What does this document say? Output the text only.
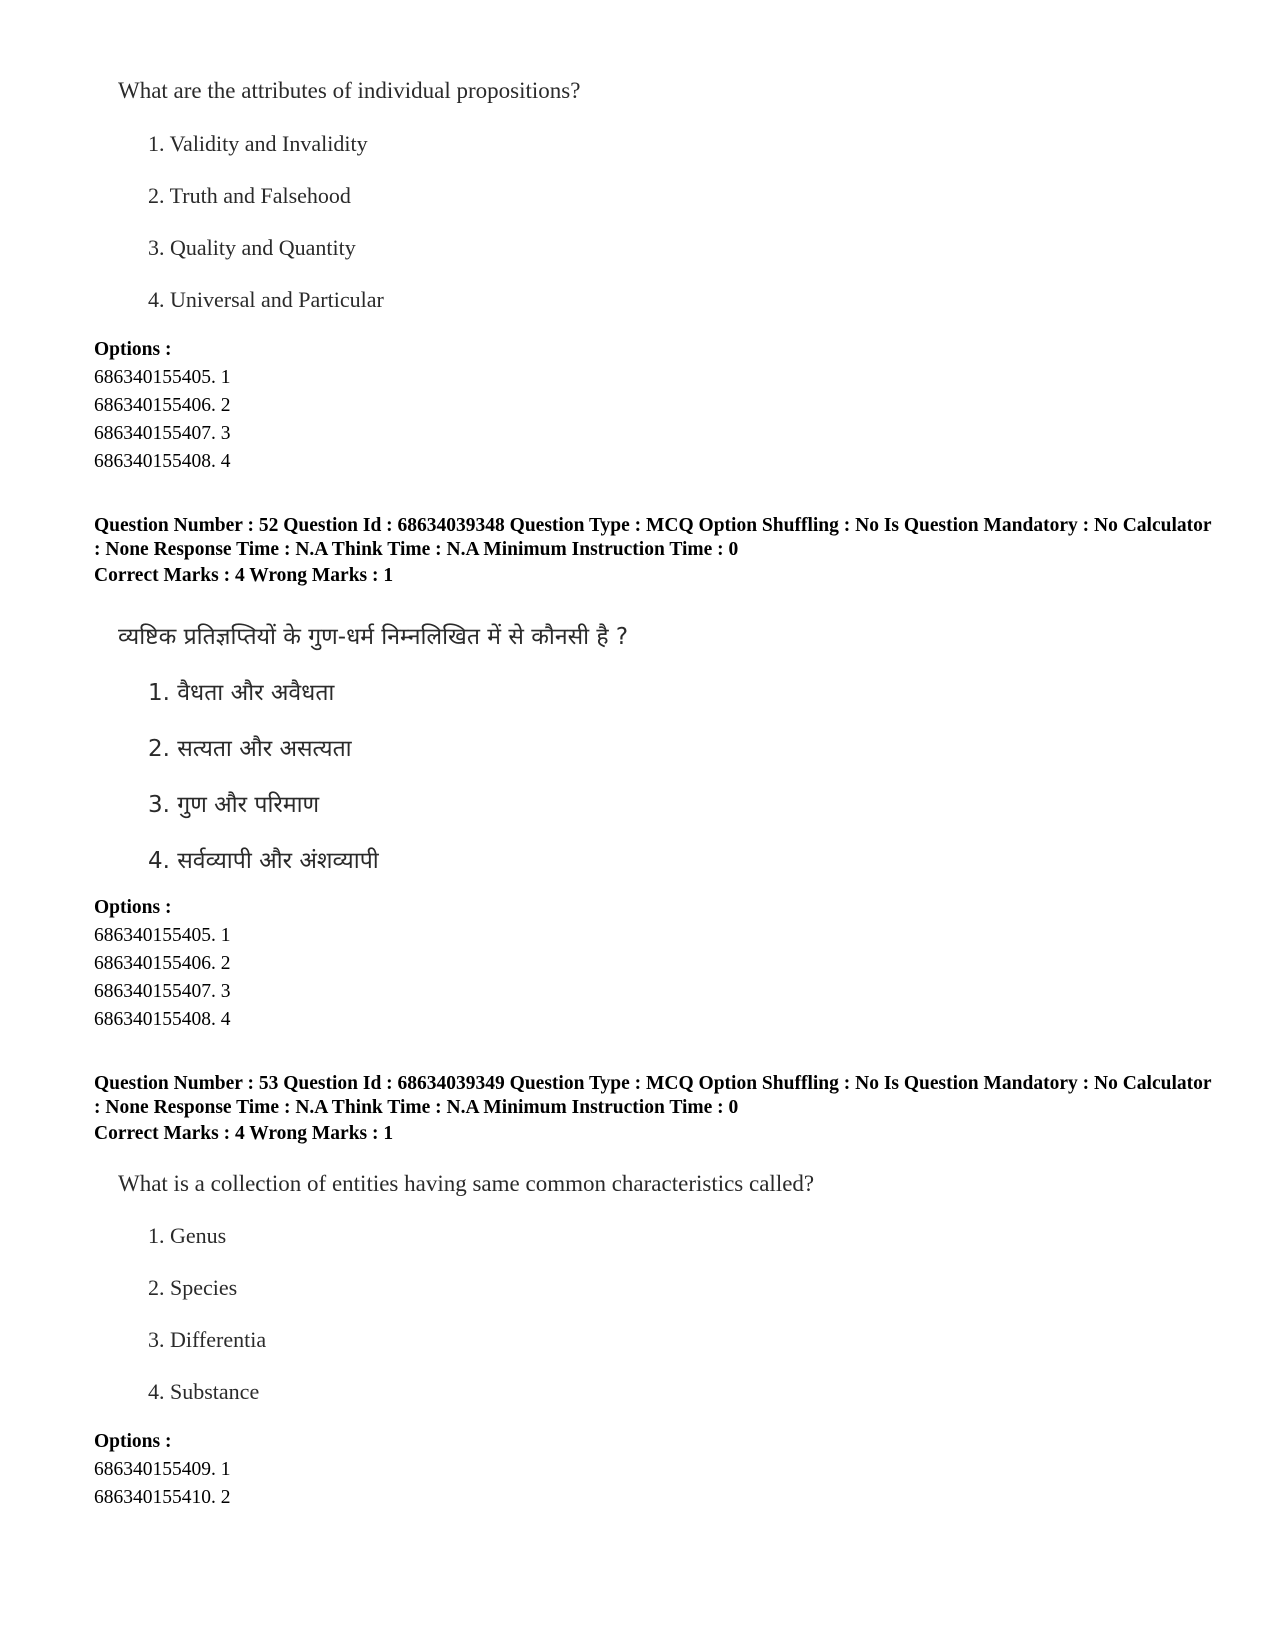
What are the attributes of individual propositions?
1. Validity and Invalidity
2. Truth and Falsehood
3. Quality and Quantity
4. Universal and Particular
Options :
686340155405. 1
686340155406. 2
686340155407. 3
686340155408. 4
Question Number : 52 Question Id : 68634039348 Question Type : MCQ Option Shuffling : No Is Question Mandatory : No Calculator : None Response Time : N.A Think Time : N.A Minimum Instruction Time : 0
Correct Marks : 4 Wrong Marks : 1
व्यष्टिक प्रतिज्ञप्तियों के गुण-धर्म निम्नलिखित में से कौनसी है ?
1. वैधता और अवैधता
2. सत्यता और असत्यता
3. गुण और परिमाण
4. सर्वव्यापी और अंशव्यापी
Options :
686340155405. 1
686340155406. 2
686340155407. 3
686340155408. 4
Question Number : 53 Question Id : 68634039349 Question Type : MCQ Option Shuffling : No Is Question Mandatory : No Calculator : None Response Time : N.A Think Time : N.A Minimum Instruction Time : 0
Correct Marks : 4 Wrong Marks : 1
What is a collection of entities having same common characteristics called?
1. Genus
2. Species
3. Differentia
4. Substance
Options :
686340155409. 1
686340155410. 2
